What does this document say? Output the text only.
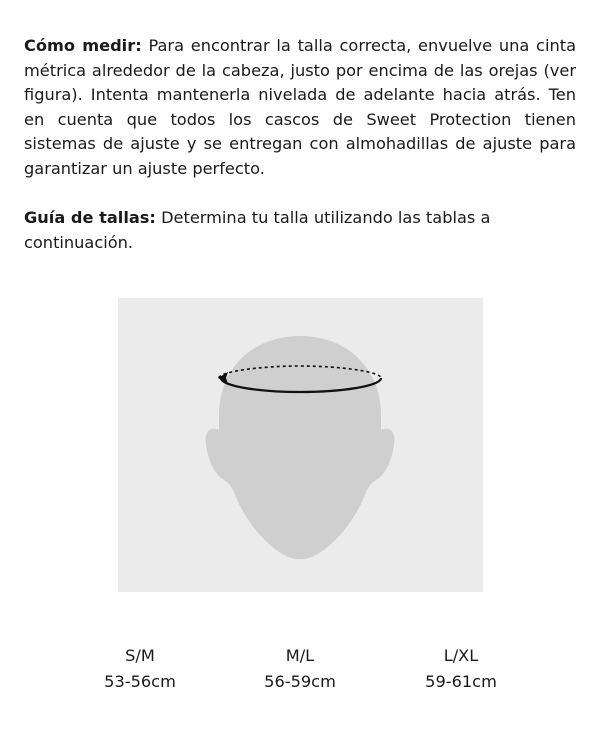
Cómo medir: Para encontrar la talla correcta, envuelve una cinta métrica alrededor de la cabeza, justo por encima de las orejas (ver figura). Intenta mantenerla nivelada de adelante hacia atrás. Ten en cuenta que todos los cascos de Sweet Protection tienen sistemas de ajuste y se entregan con almohadillas de ajuste para garantizar un ajuste perfecto.

Guía de tallas: Determina tu talla utilizando las tablas a continuación.

S/M
53-56cm
M/L
56-59cm
L/XL
59-61cm
